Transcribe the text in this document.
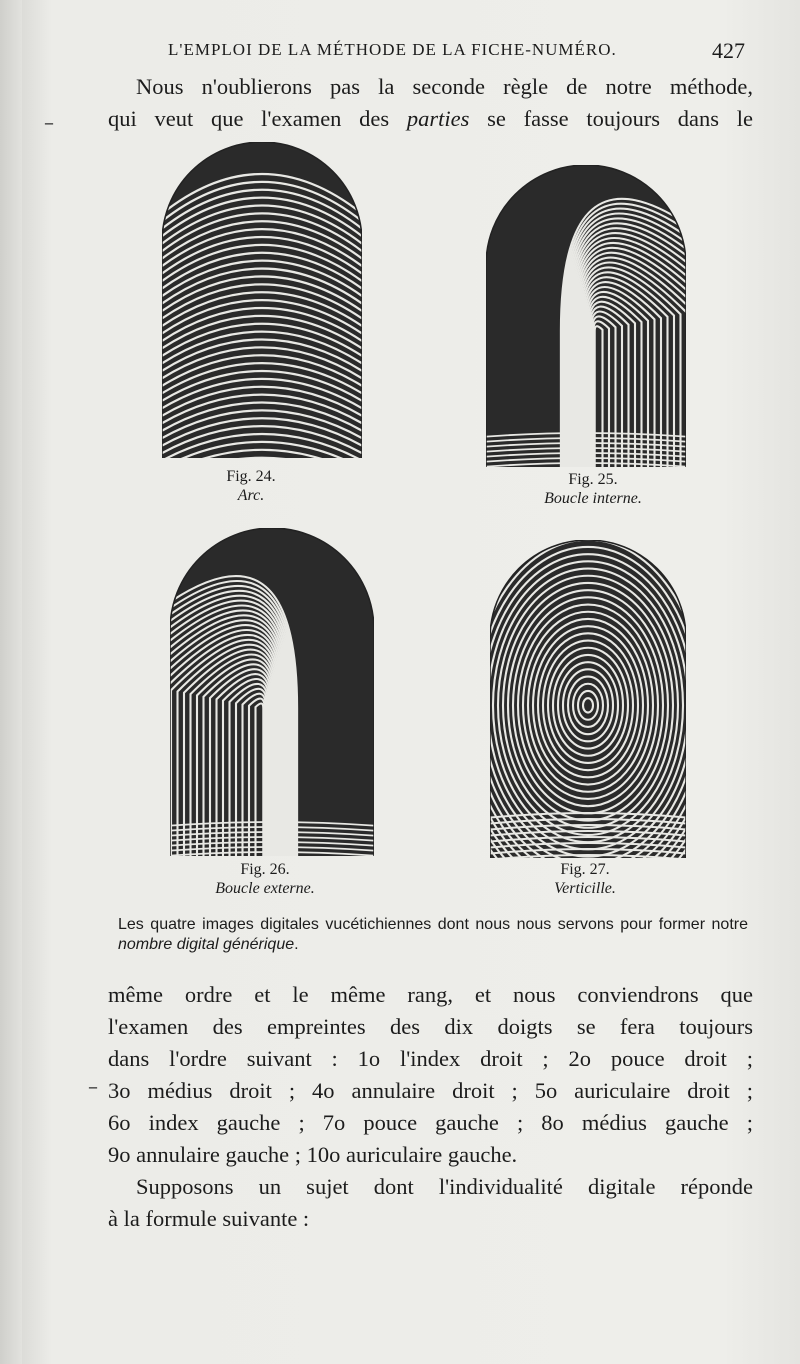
L'EMPLOI DE LA MÉTHODE DE LA FICHE-NUMÉRO.	427
Nous n'oublierons pas la seconde règle de notre méthode,
qui veut que l'examen des parties se fasse toujours dans le
Fig. 24.
Arc.
Fig. 25.
Boucle interne.
Fig. 26.
Boucle externe.
Fig. 27.
Verticille.
Les quatre images digitales vucétichiennes dont nous nous servons pour former notre nombre digital générique.
même ordre et le même rang, et nous conviendrons que
l'examen des empreintes des dix doigts se fera toujours
dans l'ordre suivant : 1o l'index droit ; 2o pouce droit ;
3o médius droit ; 4o annulaire droit ; 5o auriculaire droit ;
6o index gauche ; 7o pouce gauche ; 8o médius gauche ;
9o annulaire gauche ; 10o auriculaire gauche.
Supposons un sujet dont l'individualité digitale réponde
à la formule suivante :
–
–
